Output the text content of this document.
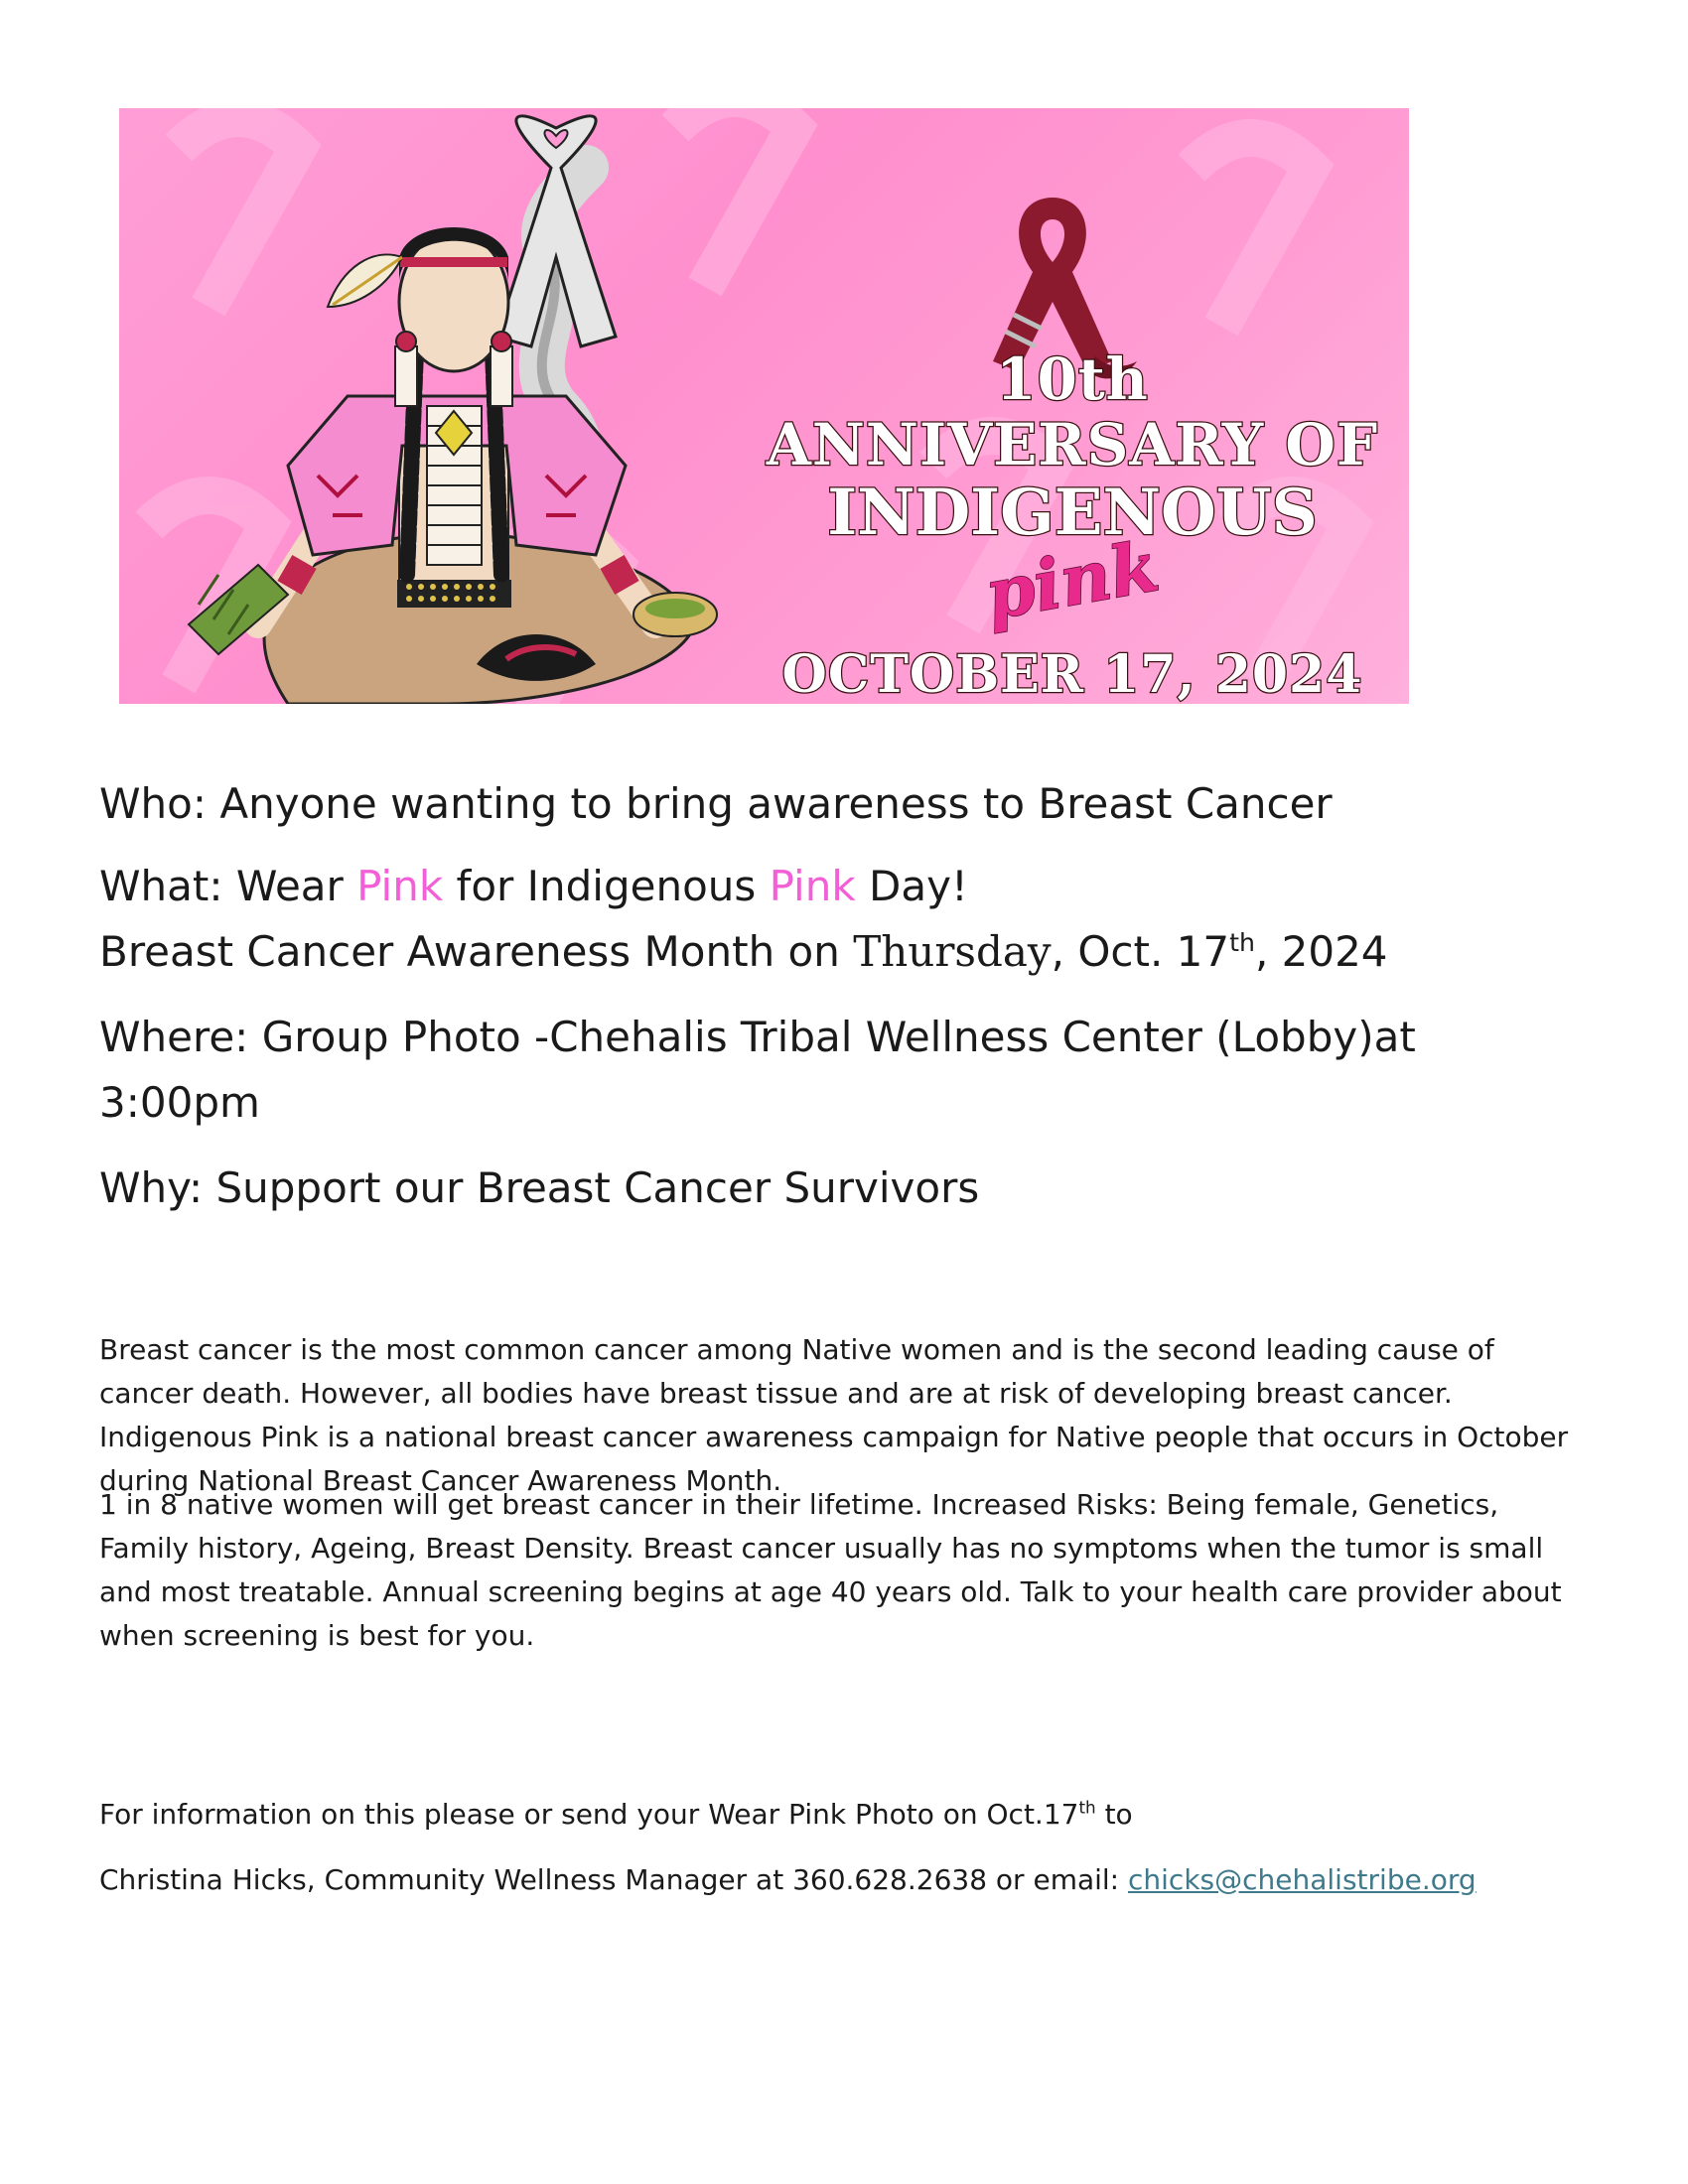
10th ANNIVERSARY OF
INDIGENOUSpink
OCTOBER 17, 2024
Who: Anyone wanting to bring awareness to Breast Cancer
What: Wear Pink for Indigenous Pink Day!
Breast Cancer Awareness Month on Thursday, Oct. 17th, 2024
Where: Group Photo -Chehalis Tribal Wellness Center (Lobby)at
3:00pm
Why: Support our Breast Cancer Survivors
Breast cancer is the most common cancer among Native women and is the second leading cause of cancer death. However, all bodies have breast tissue and are at risk of developing breast cancer. Indigenous Pink is a national breast cancer awareness campaign for Native people that occurs in October during National Breast Cancer Awareness Month.
1 in 8 native women will get breast cancer in their lifetime. Increased Risks: Being female, Genetics, Family history, Ageing, Breast Density. Breast cancer usually has no symptoms when the tumor is small and most treatable. Annual screening begins at age 40 years old. Talk to your health care provider about when screening is best for you.
For information on this please or send your Wear Pink Photo on Oct.17th to
Christina Hicks, Community Wellness Manager at 360.628.2638 or email: chicks@chehalistribe.org
